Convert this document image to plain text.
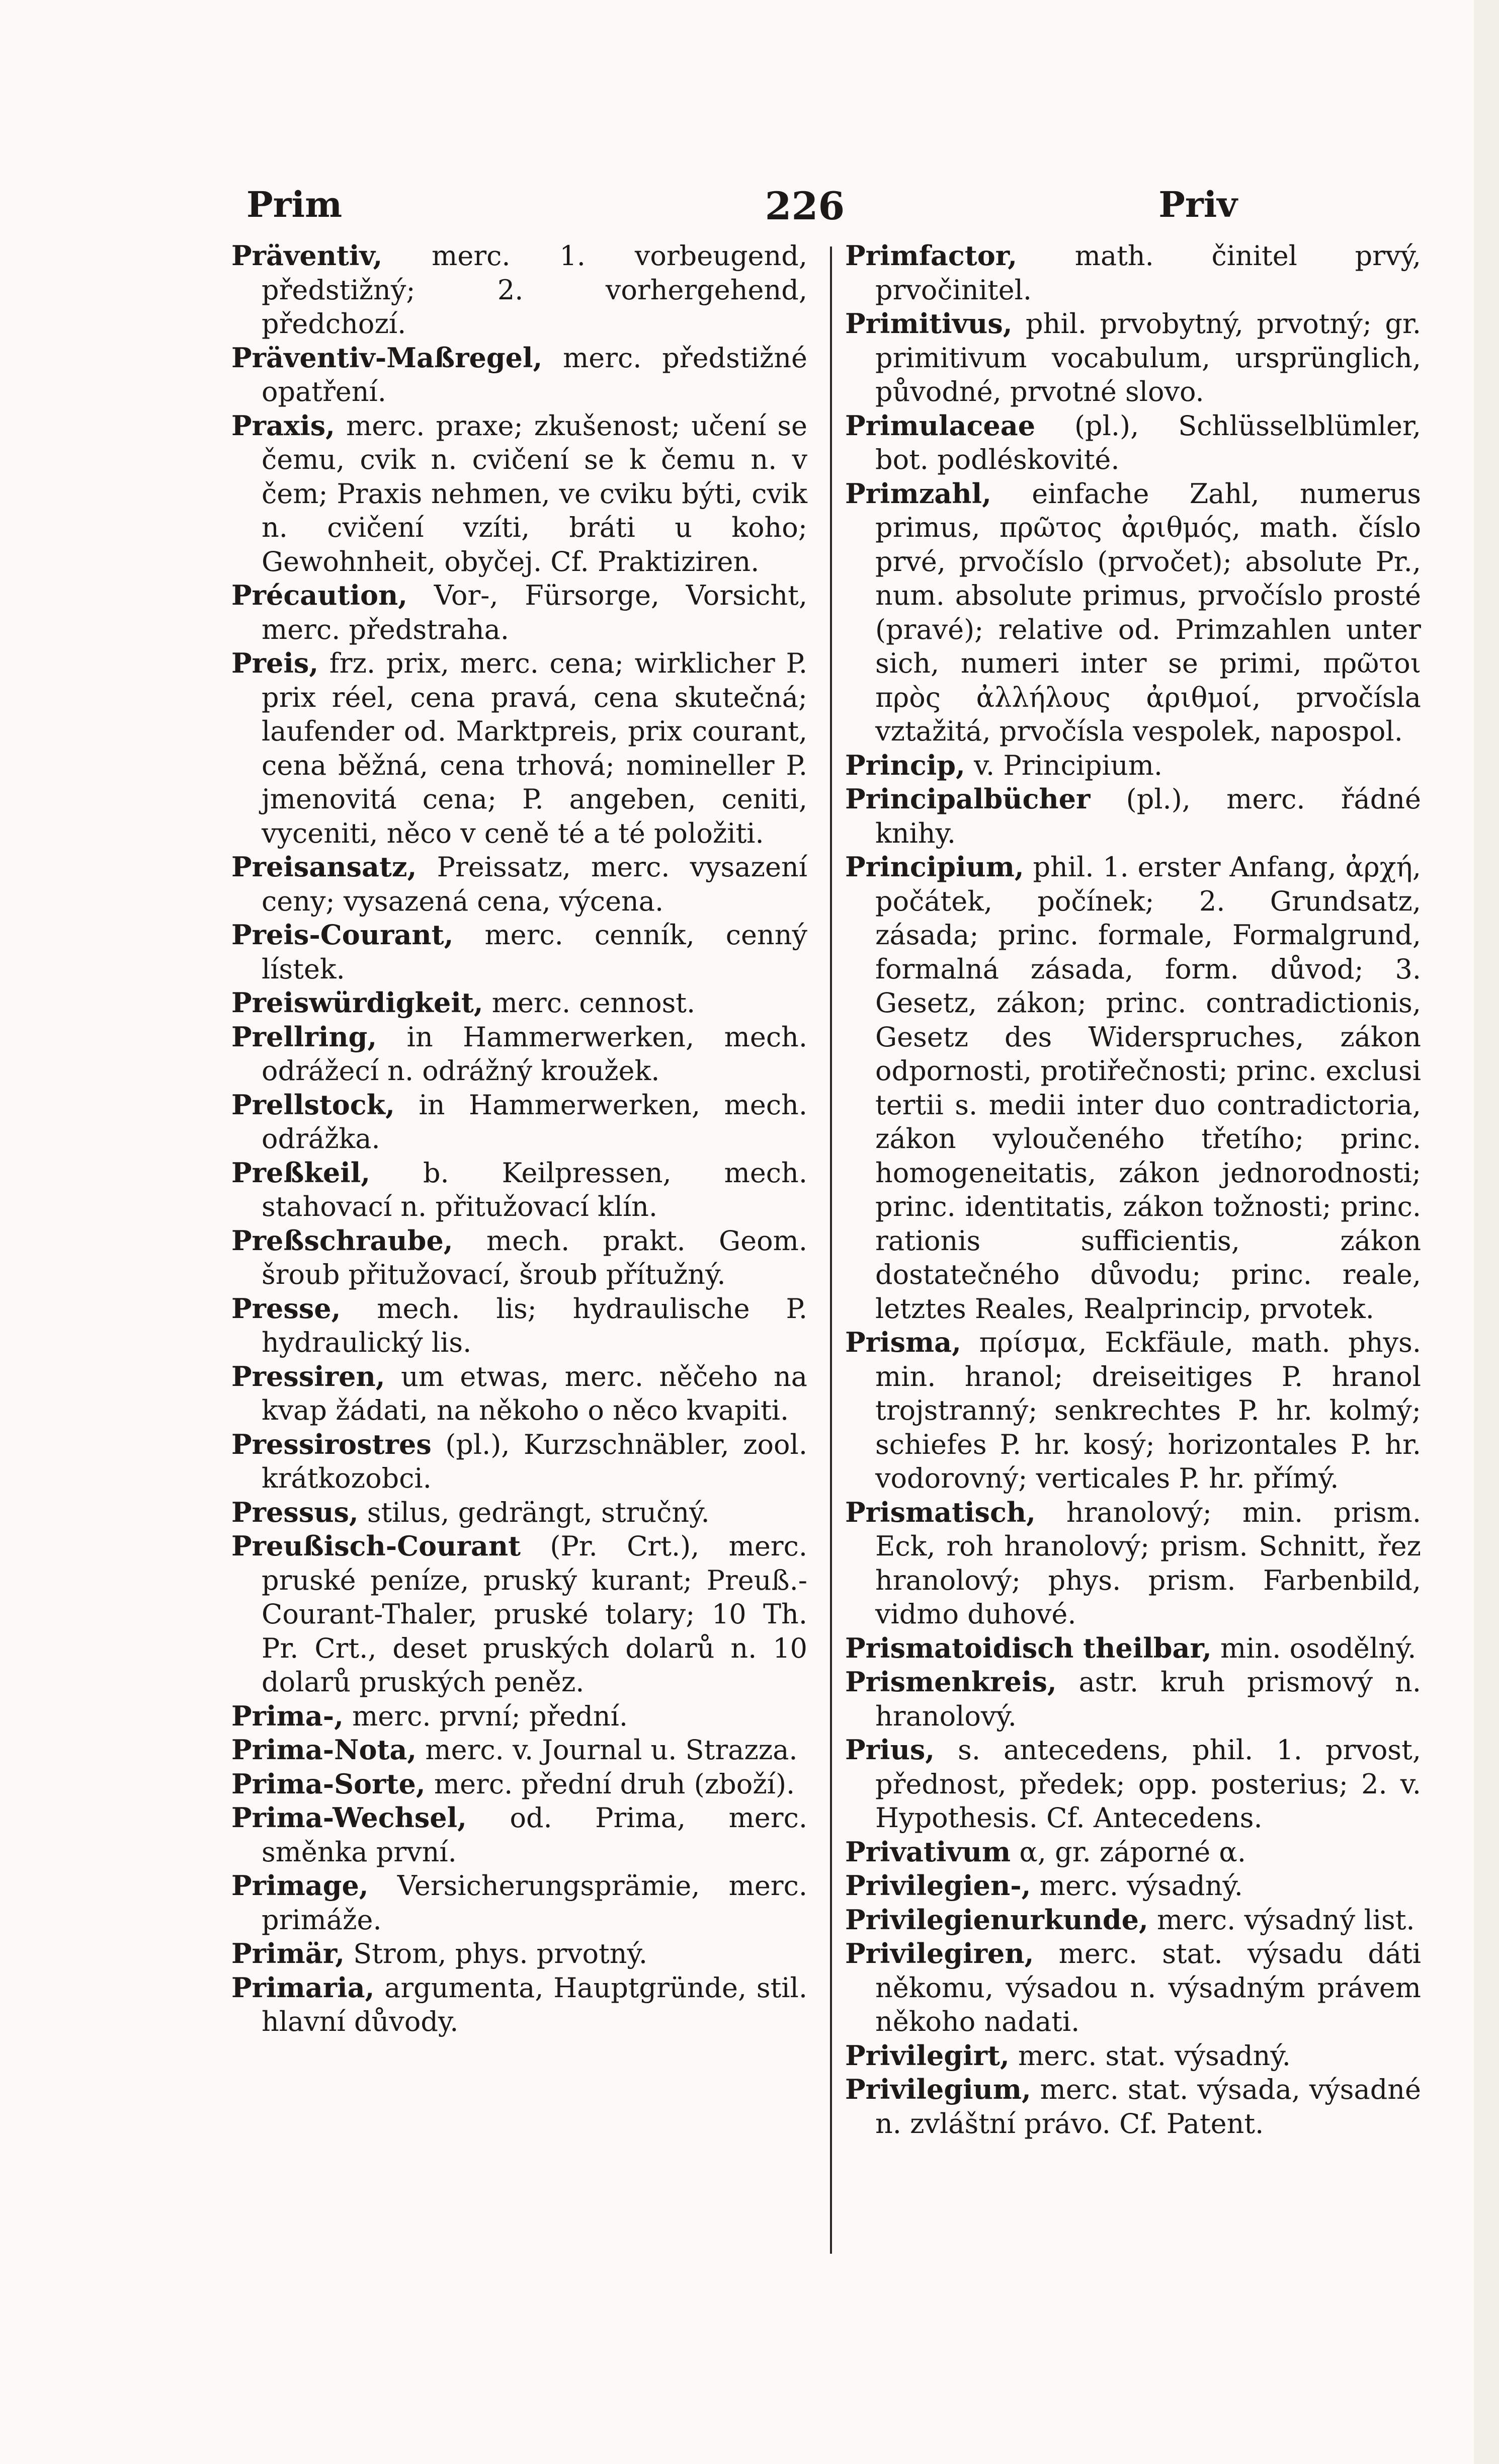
Prim	226	Priv
Präventiv, merc. 1. vorbeugend, předstižný; 2. vorhergehend, předchozí.
Präventiv-Maßregel, merc. předstižné opatření.
Praxis, merc. praxe; zkušenost; učení se čemu, cvik n. cvičení se k čemu n. v čem; Praxis nehmen, ve cviku býti, cvik n. cvičení vzíti, bráti u koho; Gewohnheit, obyčej. Cf. Praktiziren.
Précaution, Vor-, Fürsorge, Vorsicht, merc. předstraha.
Preis, frz. prix, merc. cena; wirklicher P. prix réel, cena pravá, cena skutečná; laufender od. Marktpreis, prix courant, cena běžná, cena trhová; nomineller P. jmenovitá cena; P. angeben, ceniti, vyceniti, něco v ceně té a té položiti.
Preisansatz, Preissatz, merc. vysazení ceny; vysazená cena, výcena.
Preis-Courant, merc. cenník, cenný lístek.
Preiswürdigkeit, merc. cennost.
Prellring, in Hammerwerken, mech. odrážecí n. odrážný kroužek.
Prellstock, in Hammerwerken, mech. odrážka.
Preßkeil, b. Keilpressen, mech. stahovací n. přitužovací klín.
Preßschraube, mech. prakt. Geom. šroub přitužovací, šroub přítužný.
Presse, mech. lis; hydraulische P. hydraulický lis.
Pressiren, um etwas, merc. něčeho na kvap žádati, na někoho o něco kvapiti.
Pressirostres (pl.), Kurzschnäbler, zool. krátkozobci.
Pressus, stilus, gedrängt, stručný.
Preußisch-Courant (Pr. Crt.), merc. pruské peníze, pruský kurant; Preuß.-Courant-Thaler, pruské tolary; 10 Th. Pr. Crt., deset pruských dolarů n. 10 dolarů pruských peněz.
Prima-, merc. první; přední.
Prima-Nota, merc. v. Journal u. Strazza.
Prima-Sorte, merc. přední druh (zboží).
Prima-Wechsel, od. Prima, merc. směnka první.
Primage, Versicherungsprämie, merc. primáže.
Primär, Strom, phys. prvotný.
Primaria, argumenta, Hauptgründe, stil. hlavní důvody.
Primfactor, math. činitel prvý, prvočinitel.
Primitivus, phil. prvobytný, prvotný; gr. primitivum vocabulum, ursprünglich, původné, prvotné slovo.
Primulaceae (pl.), Schlüsselblümler, bot. podléskovité.
Primzahl, einfache Zahl, numerus primus, πρῶτος ἀριθμός, math. číslo prvé, prvočíslo (prvočet); absolute Pr., num. absolute primus, prvočíslo prosté (pravé); relative od. Primzahlen unter sich, numeri inter se primi, πρῶτοι πρὸς ἀλλήλους ἀριθμοί, prvočísla vztažitá, prvočísla vespolek, napospol.
Princip, v. Principium.
Principalbücher (pl.), merc. řádné knihy.
Principium, phil. 1. erster Anfang, ἀρχή, počátek, počínek; 2. Grundsatz, zásada; princ. formale, Formalgrund, formalná zásada, form. důvod; 3. Gesetz, zákon; princ. contradictionis, Gesetz des Widerspruches, zákon odpornosti, protiřečnosti; princ. exclusi tertii s. medii inter duo contradictoria, zákon vyloučeného třetího; princ. homogeneitatis, zákon jednorodnosti; princ. identitatis, zákon tožnosti; princ. rationis sufficientis, zákon dostatečného důvodu; princ. reale, letztes Reales, Realprincip, prvotek.
Prisma, πρίσμα, Eckfäule, math. phys. min. hranol; dreiseitiges P. hranol trojstranný; senkrechtes P. hr. kolmý; schiefes P. hr. kosý; horizontales P. hr. vodorovný; verticales P. hr. přímý.
Prismatisch, hranolový; min. prism. Eck, roh hranolový; prism. Schnitt, řez hranolový; phys. prism. Farbenbild, vidmo duhové.
Prismatoidisch theilbar, min. osodělný.
Prismenkreis, astr. kruh prismový n. hranolový.
Prius, s. antecedens, phil. 1. prvost, přednost, předek; opp. posterius; 2. v. Hypothesis. Cf. Antecedens.
Privativum α, gr. záporné α.
Privilegien-, merc. výsadný.
Privilegienurkunde, merc. výsadný list.
Privilegiren, merc. stat. výsadu dáti někomu, výsadou n. výsadným právem někoho nadati.
Privilegirt, merc. stat. výsadný.
Privilegium, merc. stat. výsada, výsadné n. zvláštní právo. Cf. Patent.
